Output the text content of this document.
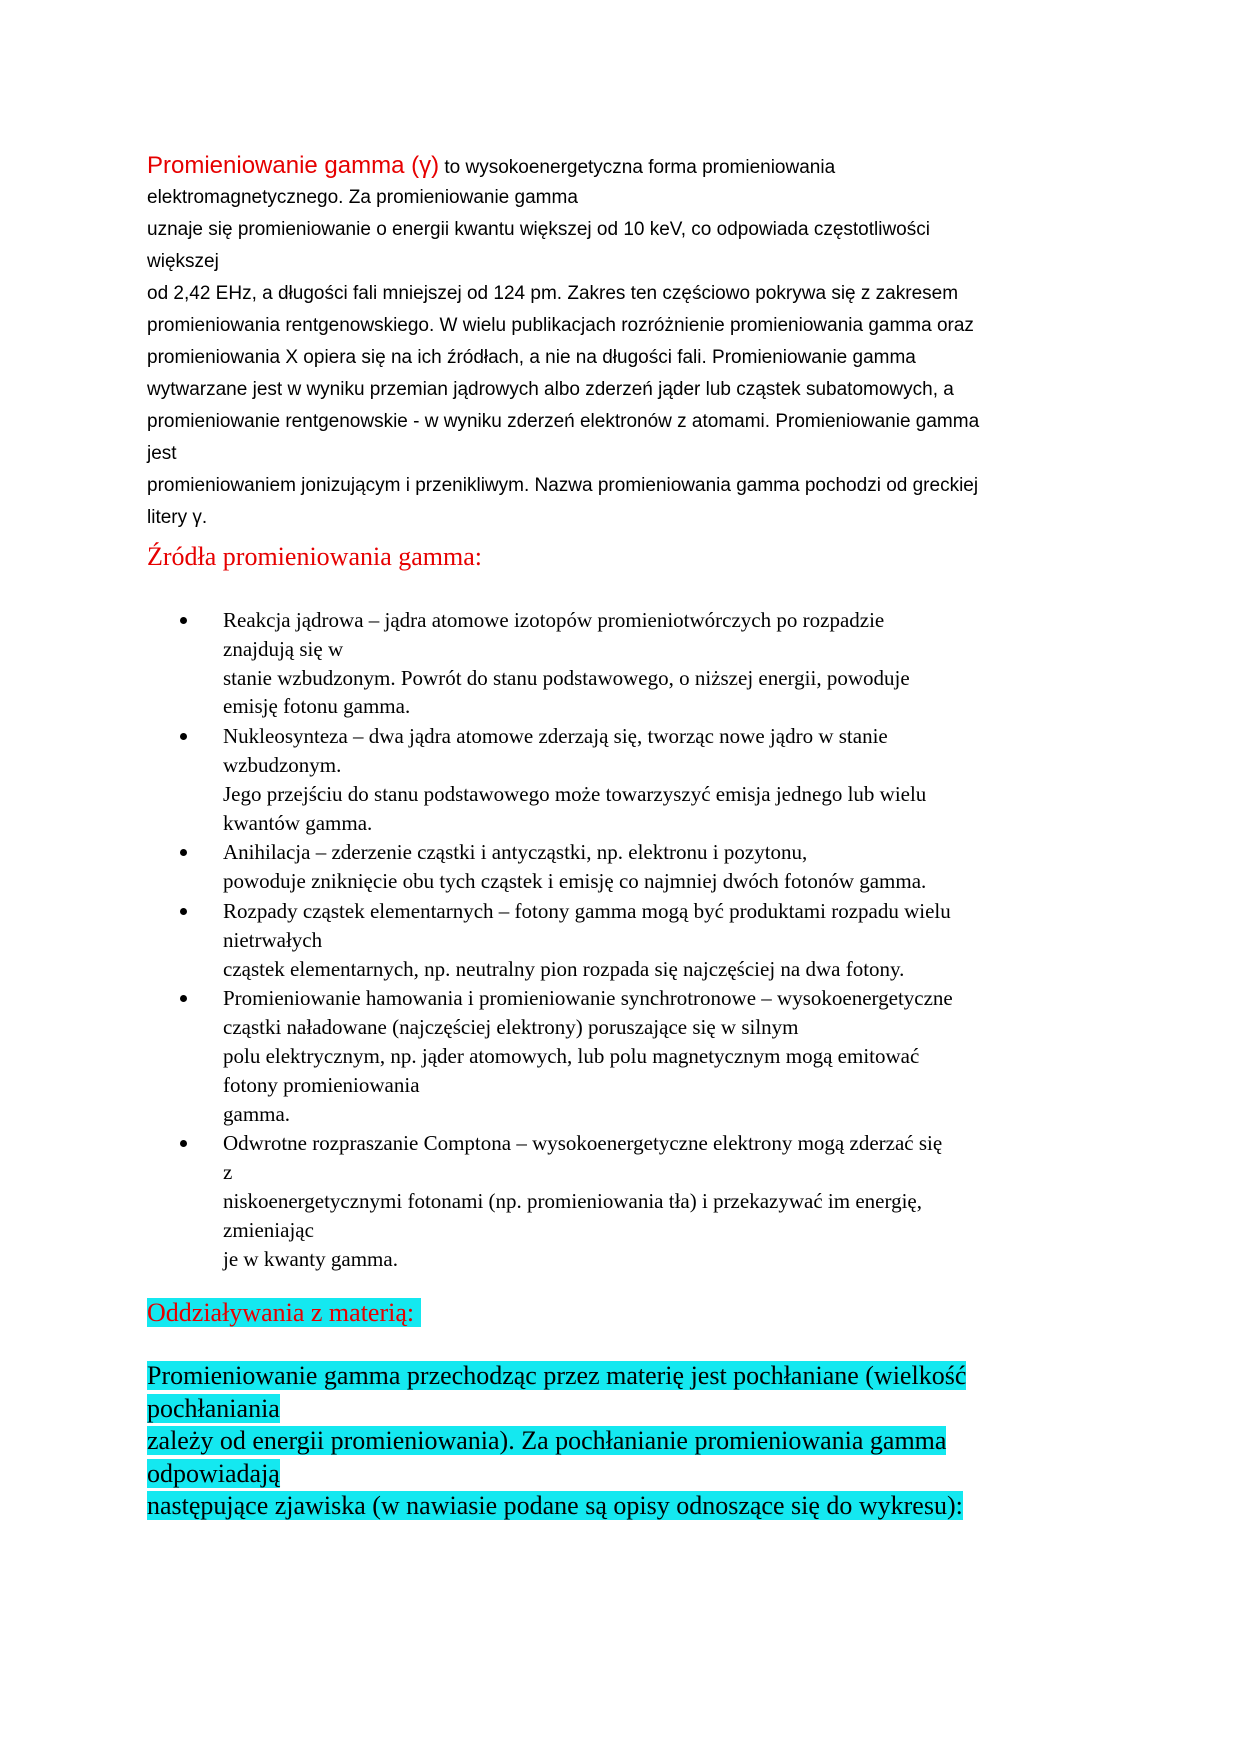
Promieniowanie gamma (γ) to wysokoenergetyczna forma promieniowania
elektromagnetycznego. Za promieniowanie gamma
uznaje się promieniowanie o energii kwantu większej od 10 keV, co odpowiada częstotliwości
większej
od 2,42 EHz, a długości fali mniejszej od 124 pm. Zakres ten częściowo pokrywa się z zakresem
promieniowania rentgenowskiego. W wielu publikacjach rozróżnienie promieniowania gamma oraz
promieniowania X opiera się na ich źródłach, a nie na długości fali. Promieniowanie gamma
wytwarzane jest w wyniku przemian jądrowych albo zderzeń jąder lub cząstek subatomowych, a
promieniowanie rentgenowskie - w wyniku zderzeń elektronów z atomami. Promieniowanie gamma
jest
promieniowaniem jonizującym i przenikliwym. Nazwa promieniowania gamma pochodzi od greckiej
litery γ.
Źródła promieniowania gamma:
Reakcja jądrowa – jądra atomowe izotopów promieniotwórczych po rozpadzie
znajdują się w
stanie wzbudzonym. Powrót do stanu podstawowego, o niższej energii, powoduje
emisję fotonu gamma.
Nukleosynteza – dwa jądra atomowe zderzają się, tworząc nowe jądro w stanie
wzbudzonym.
Jego przejściu do stanu podstawowego może towarzyszyć emisja jednego lub wielu
kwantów gamma.
Anihilacja – zderzenie cząstki i antycząstki, np. elektronu i pozytonu,
powoduje zniknięcie obu tych cząstek i emisję co najmniej dwóch fotonów gamma.
Rozpady cząstek elementarnych – fotony gamma mogą być produktami rozpadu wielu
nietrwałych
cząstek elementarnych, np. neutralny pion rozpada się najczęściej na dwa fotony.
Promieniowanie hamowania i promieniowanie synchrotronowe – wysokoenergetyczne
cząstki naładowane (najczęściej elektrony) poruszające się w silnym
polu elektrycznym, np. jąder atomowych, lub polu magnetycznym mogą emitować
fotony promieniowania
gamma.
Odwrotne rozpraszanie Comptona – wysokoenergetyczne elektrony mogą zderzać się
z
niskoenergetycznymi fotonami (np. promieniowania tła) i przekazywać im energię,
zmieniając
je w kwanty gamma.
Oddziaływania z materią:
Promieniowanie gamma przechodząc przez materię jest pochłaniane (wielkość
pochłaniania
zależy od energii promieniowania). Za pochłanianie promieniowania gamma
odpowiadają
następujące zjawiska (w nawiasie podane są opisy odnoszące się do wykresu):
